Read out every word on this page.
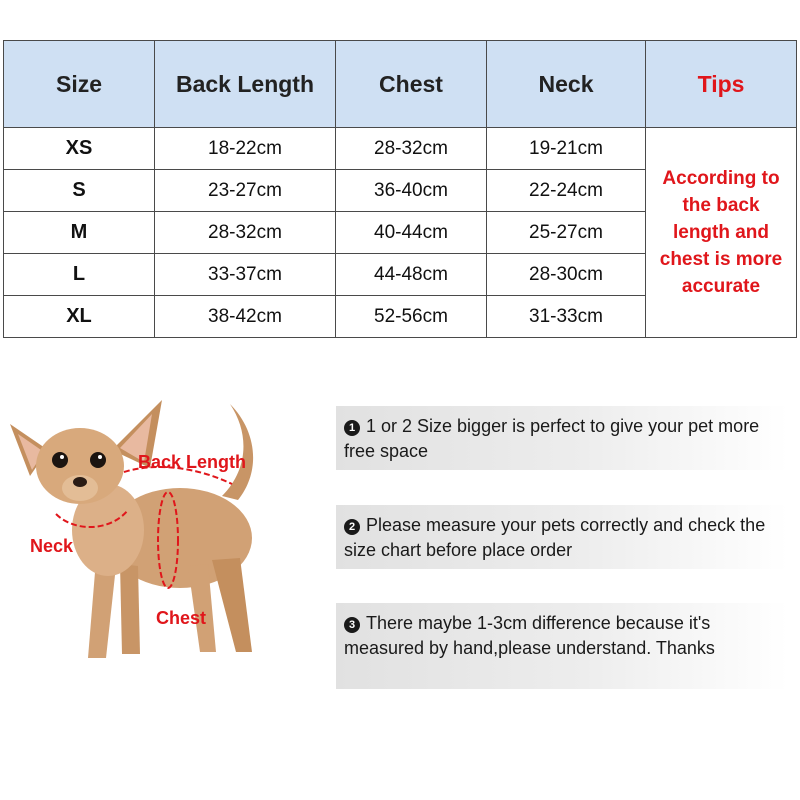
Size	Back Length	Chest	Neck	Tips
XS	18-22cm	28-32cm	19-21cm	According to
the back
length and
chest is more
accurate

S	23-27cm	36-40cm	22-24cm	
M	28-32cm	40-44cm	25-27cm	
L	33-37cm	44-48cm	28-30cm	
XL	38-42cm	52-56cm	31-33cm	
Back Length
Neck
Chest
1 1 or 2 Size bigger is perfect to give your pet more free space
2 Please measure your pets correctly and check the size chart before place order
3 There maybe 1-3cm difference because it's measured by hand,please understand. Thanks
